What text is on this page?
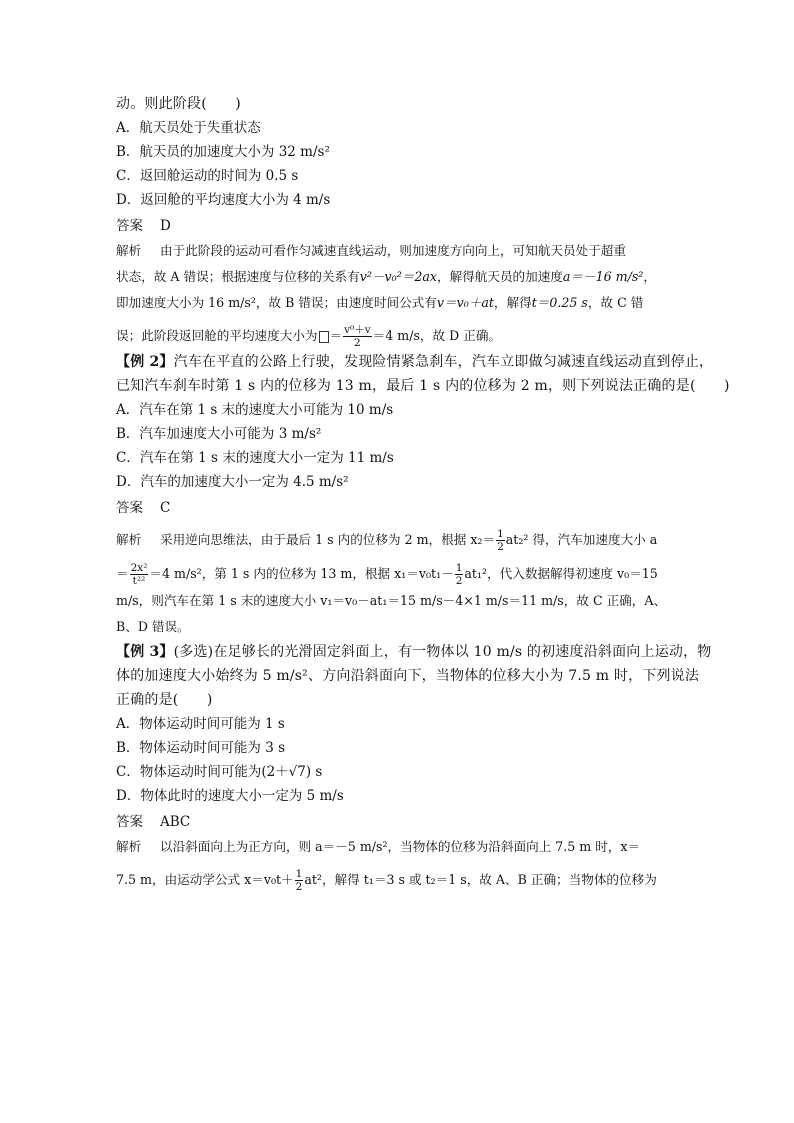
动。则此阶段(　　)
A．航天员处于失重状态
B．航天员的加速度大小为 32 m/s²
C．返回舱运动的时间为 0.5 s
D．返回舱的平均速度大小为 4 m/s
答案 D
解析 由于此阶段的运动可看作匀减速直线运动，则加速度方向向上，可知航天员处于超重
状态，故 A 错误；根据速度与位移的关系有v²－v₀²＝2ax，解得航天员的加速度a＝－16 m/s²，
即加速度大小为 16 m/s²，故 B 错误；由速度时间公式有v＝v₀＋at，解得t＝0.25 s，故 C 错
误；此阶段返回舱的平均速度大小为 ＝ $\frac{\text{v⁰＋v}}{2} =4$ m/s，故 D 正确。
【例 2】汽车在平直的公路上行驶，发现险情紧急刹车，汽车立即做匀减速直线运动直到停止，
已知汽车刹车时第 1 s 内的位移为 13 m，最后 1 s 内的位移为 2 m，则下列说法正确的是(　　)
A．汽车在第 1 s 末的速度大小可能为 10 m/s
B．汽车加速度大小可能为 3 m/s²
C．汽车在第 1 s 末的速度大小一定为 11 m/s
D．汽车的加速度大小一定为 4.5 m/s²
答案 C
解析 采用逆向思维法，由于最后 1 s 内的位移为 2 m，根据 $x_2= \frac{1}{2} at_2^2$ 得，汽车加速度大小 a
＝ $\frac{\text{2x²}}{\text{t²²}} =4$ m/s²，第 1 s 内的位移为 13 m，根据 $x_1=v_0t_1- \frac{1}{2} at_1^2$，代入数据解得初速度 v₀＝15
m/s，则汽车在第 1 s 末的速度大小 v₁＝v₀－at₁＝15 m/s－4×1 m/s＝11 m/s，故 C 正确，A、
B、D 错误。
【例 3】(多选)在足够长的光滑固定斜面上，有一物体以 10 m/s 的初速度沿斜面向上运动，物
体的加速度大小始终为 5 m/s²、方向沿斜面向下，当物体的位移大小为 7.5 m 时，下列说法
正确的是(　　)
A．物体运动时间可能为 1 s
B．物体运动时间可能为 3 s
C．物体运动时间可能为(2＋√7) s
D．物体此时的速度大小一定为 5 m/s
答案 ABC
解析 以沿斜面向上为正方向，则 a＝－5 m/s²，当物体的位移为沿斜面向上 7.5 m 时，x＝
7.5 m，由运动学公式 $x=v_0t+ \frac{1}{2} at^2$，解得 t₁＝3 s 或 t₂＝1 s，故 A、B 正确；当物体的位移为
